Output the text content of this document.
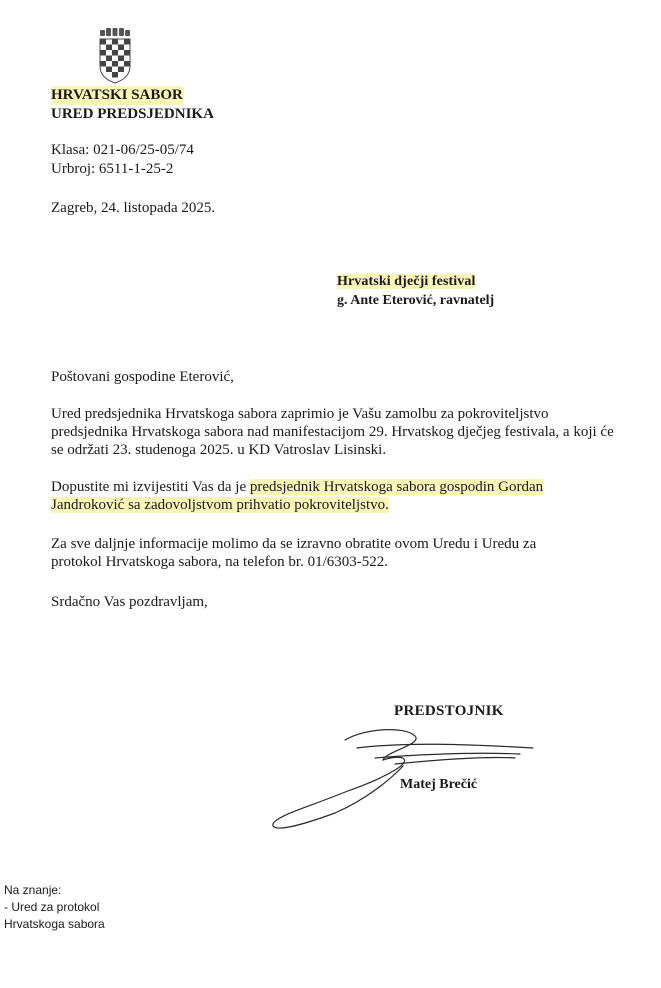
HRVATSKI SABOR
URED PREDSJEDNIKA
Klasa: 021-06/25-05/74
Urbroj: 6511-1-25-2
Zagreb, 24. listopada 2025.
Hrvatski dječji festival
g. Ante Eterović, ravnatelj
Poštovani gospodine Eterović,
Ured predsjednika Hrvatskoga sabora zaprimio je Vašu zamolbu za pokroviteljstvo
predsjednika Hrvatskoga sabora nad manifestacijom 29. Hrvatskog dječjeg festivala, a koji će
se održati 23. studenoga 2025. u KD Vatroslav Lisinski.
Dopustite mi izvijestiti Vas da je predsjednik Hrvatskoga sabora gospodin Gordan
Jandroković sa zadovoljstvom prihvatio pokroviteljstvo.
Za sve daljnje informacije molimo da se izravno obratite ovom Uredu i Uredu za
protokol Hrvatskoga sabora, na telefon br. 01/6303-522.
Srdačno Vas pozdravljam,
PREDSTOJNIK
Matej Brečić
Na znanje:
- Ured za protokol
Hrvatskoga sabora
